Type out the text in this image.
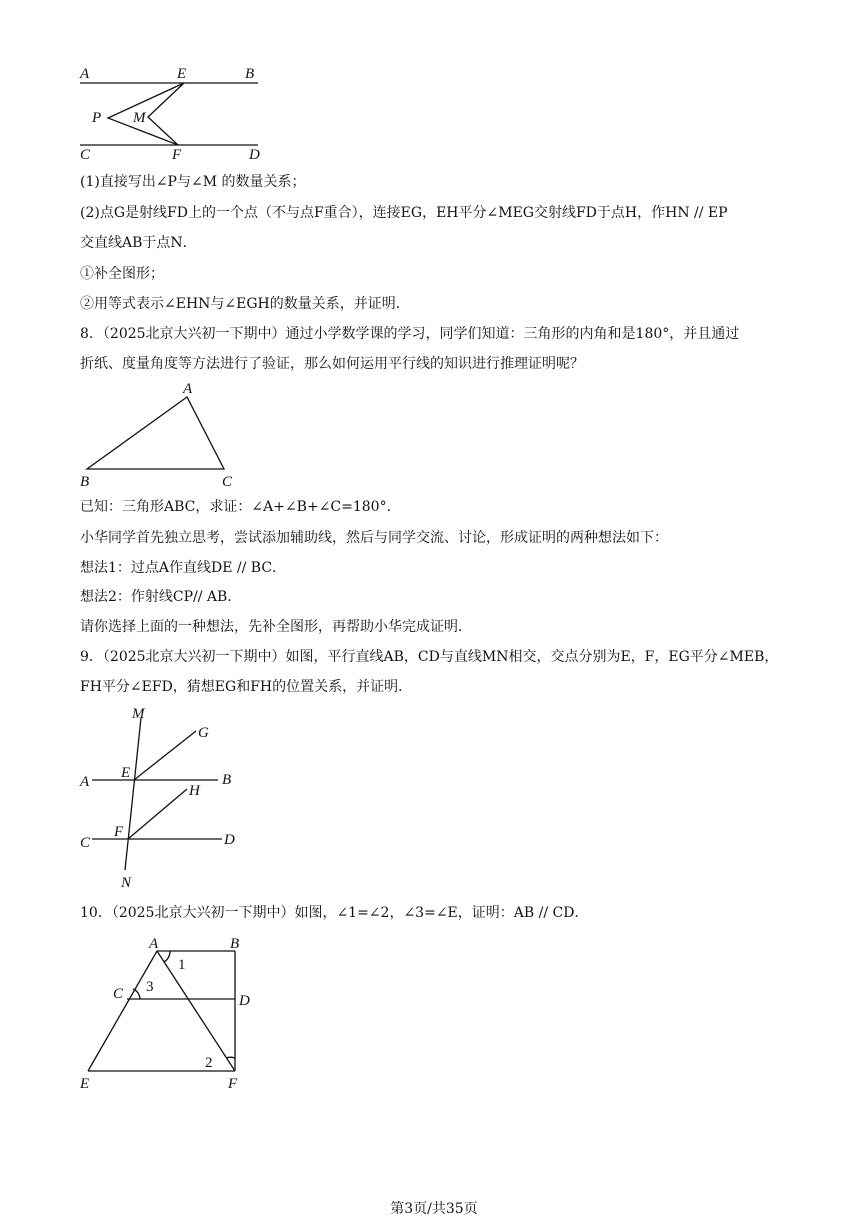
A	E	B
P M
C	F	D
A
B	C
M
G
A
E	B
H
C
F	D
N
A	B
C	D
E	F
1
3
2
(1)直接写出∠P与∠M 的数量关系；
(2)点G是射线FD上的一个点（不与点F重合），连接EG，EH平分∠MEG交射线FD于点H，作HN // EP
交直线AB于点N．
①补全图形；
②用等式表示∠EHN与∠EGH的数量关系，并证明．
8．（2025北京大兴初一下期中）通过小学数学课的学习，同学们知道：三角形的内角和是180°，并且通过
折纸、度量角度等方法进行了验证，那么如何运用平行线的知识进行推理证明呢？
已知：三角形ABC，求证：∠A+∠B+∠C=180°．
小华同学首先独立思考，尝试添加辅助线，然后与同学交流、讨论，形成证明的两种想法如下：
想法1：过点A作直线DE // BC．
想法2：作射线CP// AB．
请你选择上面的一种想法，先补全图形，再帮助小华完成证明．
9．（2025北京大兴初一下期中）如图，平行直线AB，CD与直线MN相交，交点分别为E，F，EG平分∠MEB，
FH平分∠EFD，猜想EG和FH的位置关系，并证明．
10．（2025北京大兴初一下期中）如图，∠1=∠2，∠3=∠E，证明：AB // CD．
第3页/共35页
